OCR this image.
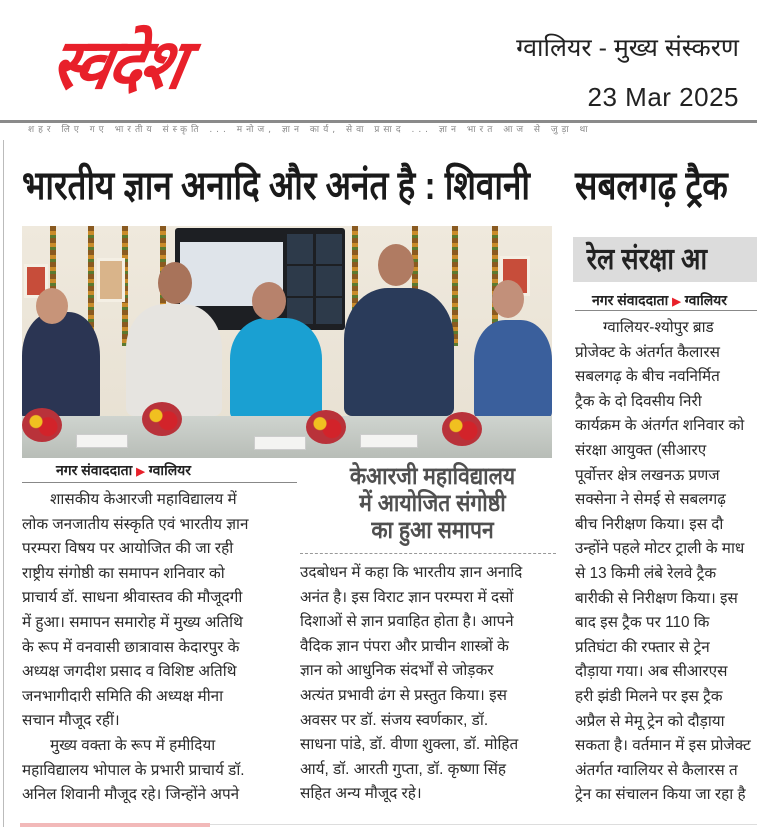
स्वदेश	ग्वालियर - मुख्य संस्करण
23 Mar 2025
शहर लिए गए भारतीय संस्कृति ... मनोज, ज्ञान कार्य, सेवा प्रसाद ... ज्ञान भारत आज से जुड़ा था
भारतीय ज्ञान अनादि और अनंत है : शिवानी सबलगढ़ ट्रैक
नगर संवाददाता ▶ ग्वालियर
शासकीय केआरजी महाविद्यालय में
लोक जनजातीय संस्कृति एवं भारतीय ज्ञान
परम्परा विषय पर आयोजित की जा रही
राष्ट्रीय संगोष्ठी का समापन शनिवार को
प्राचार्य डॉ. साधना श्रीवास्तव की मौजूदगी
में हुआ। समापन समारोह में मुख्य अतिथि
के रूप में वनवासी छात्रावास केदारपुर के
अध्यक्ष जगदीश प्रसाद व विशिष्ट अतिथि
जनभागीदारी समिति की अध्यक्ष मीना
सचान मौजूद रहीं।
मुख्य वक्ता के रूप में हमीदिया
महाविद्यालय भोपाल के प्रभारी प्राचार्य डॉ.
अनिल शिवानी मौजूद रहे। जिन्होंने अपने
केआरजी महाविद्यालय
में आयोजित संगोष्ठी
का हुआ समापन
उदबोधन में कहा कि भारतीय ज्ञान अनादि
अनंत है। इस विराट ज्ञान परम्परा में दसों
दिशाओं से ज्ञान प्रवाहित होता है। आपने
वैदिक ज्ञान पंपरा और प्राचीन शास्त्रों के
ज्ञान को आधुनिक संदर्भों से जोड़कर
अत्यंत प्रभावी ढंग से प्रस्तुत किया। इस
अवसर पर डॉ. संजय स्वर्णकार, डॉ.
साधना पांडे, डॉ. वीणा शुक्ला, डॉ. मोहित
आर्य, डॉ. आरती गुप्ता, डॉ. कृष्णा सिंह
सहित अन्य मौजूद रहे।
रेल संरक्षा आ
नगर संवाददाता ▶ ग्वालियर
ग्वालियर-श्योपुर ब्राड
प्रोजेक्ट के अंतर्गत कैलारस
सबलगढ़ के बीच नवनिर्मित
ट्रैक के दो दिवसीय निरी
कार्यक्रम के अंतर्गत शनिवार को
संरक्षा आयुक्त (सीआरए
पूर्वोत्तर क्षेत्र लखनऊ प्रणज
सक्सेना ने सेमई से सबलगढ़
बीच निरीक्षण किया। इस दौ
उन्होंने पहले मोटर ट्राली के माध
से 13 किमी लंबे रेलवे ट्रैक
बारीकी से निरीक्षण किया। इस
बाद इस ट्रैक पर 110 कि
प्रतिघंटा की रफ्तार से ट्रेन
दौड़ाया गया। अब सीआरएस
हरी झंडी मिलने पर इस ट्रैक
अप्रैल से मेमू ट्रेन को दौड़ाया
सकता है। वर्तमान में इस प्रोजेक्ट
अंतर्गत ग्वालियर से कैलारस त
ट्रेन का संचालन किया जा रहा है
